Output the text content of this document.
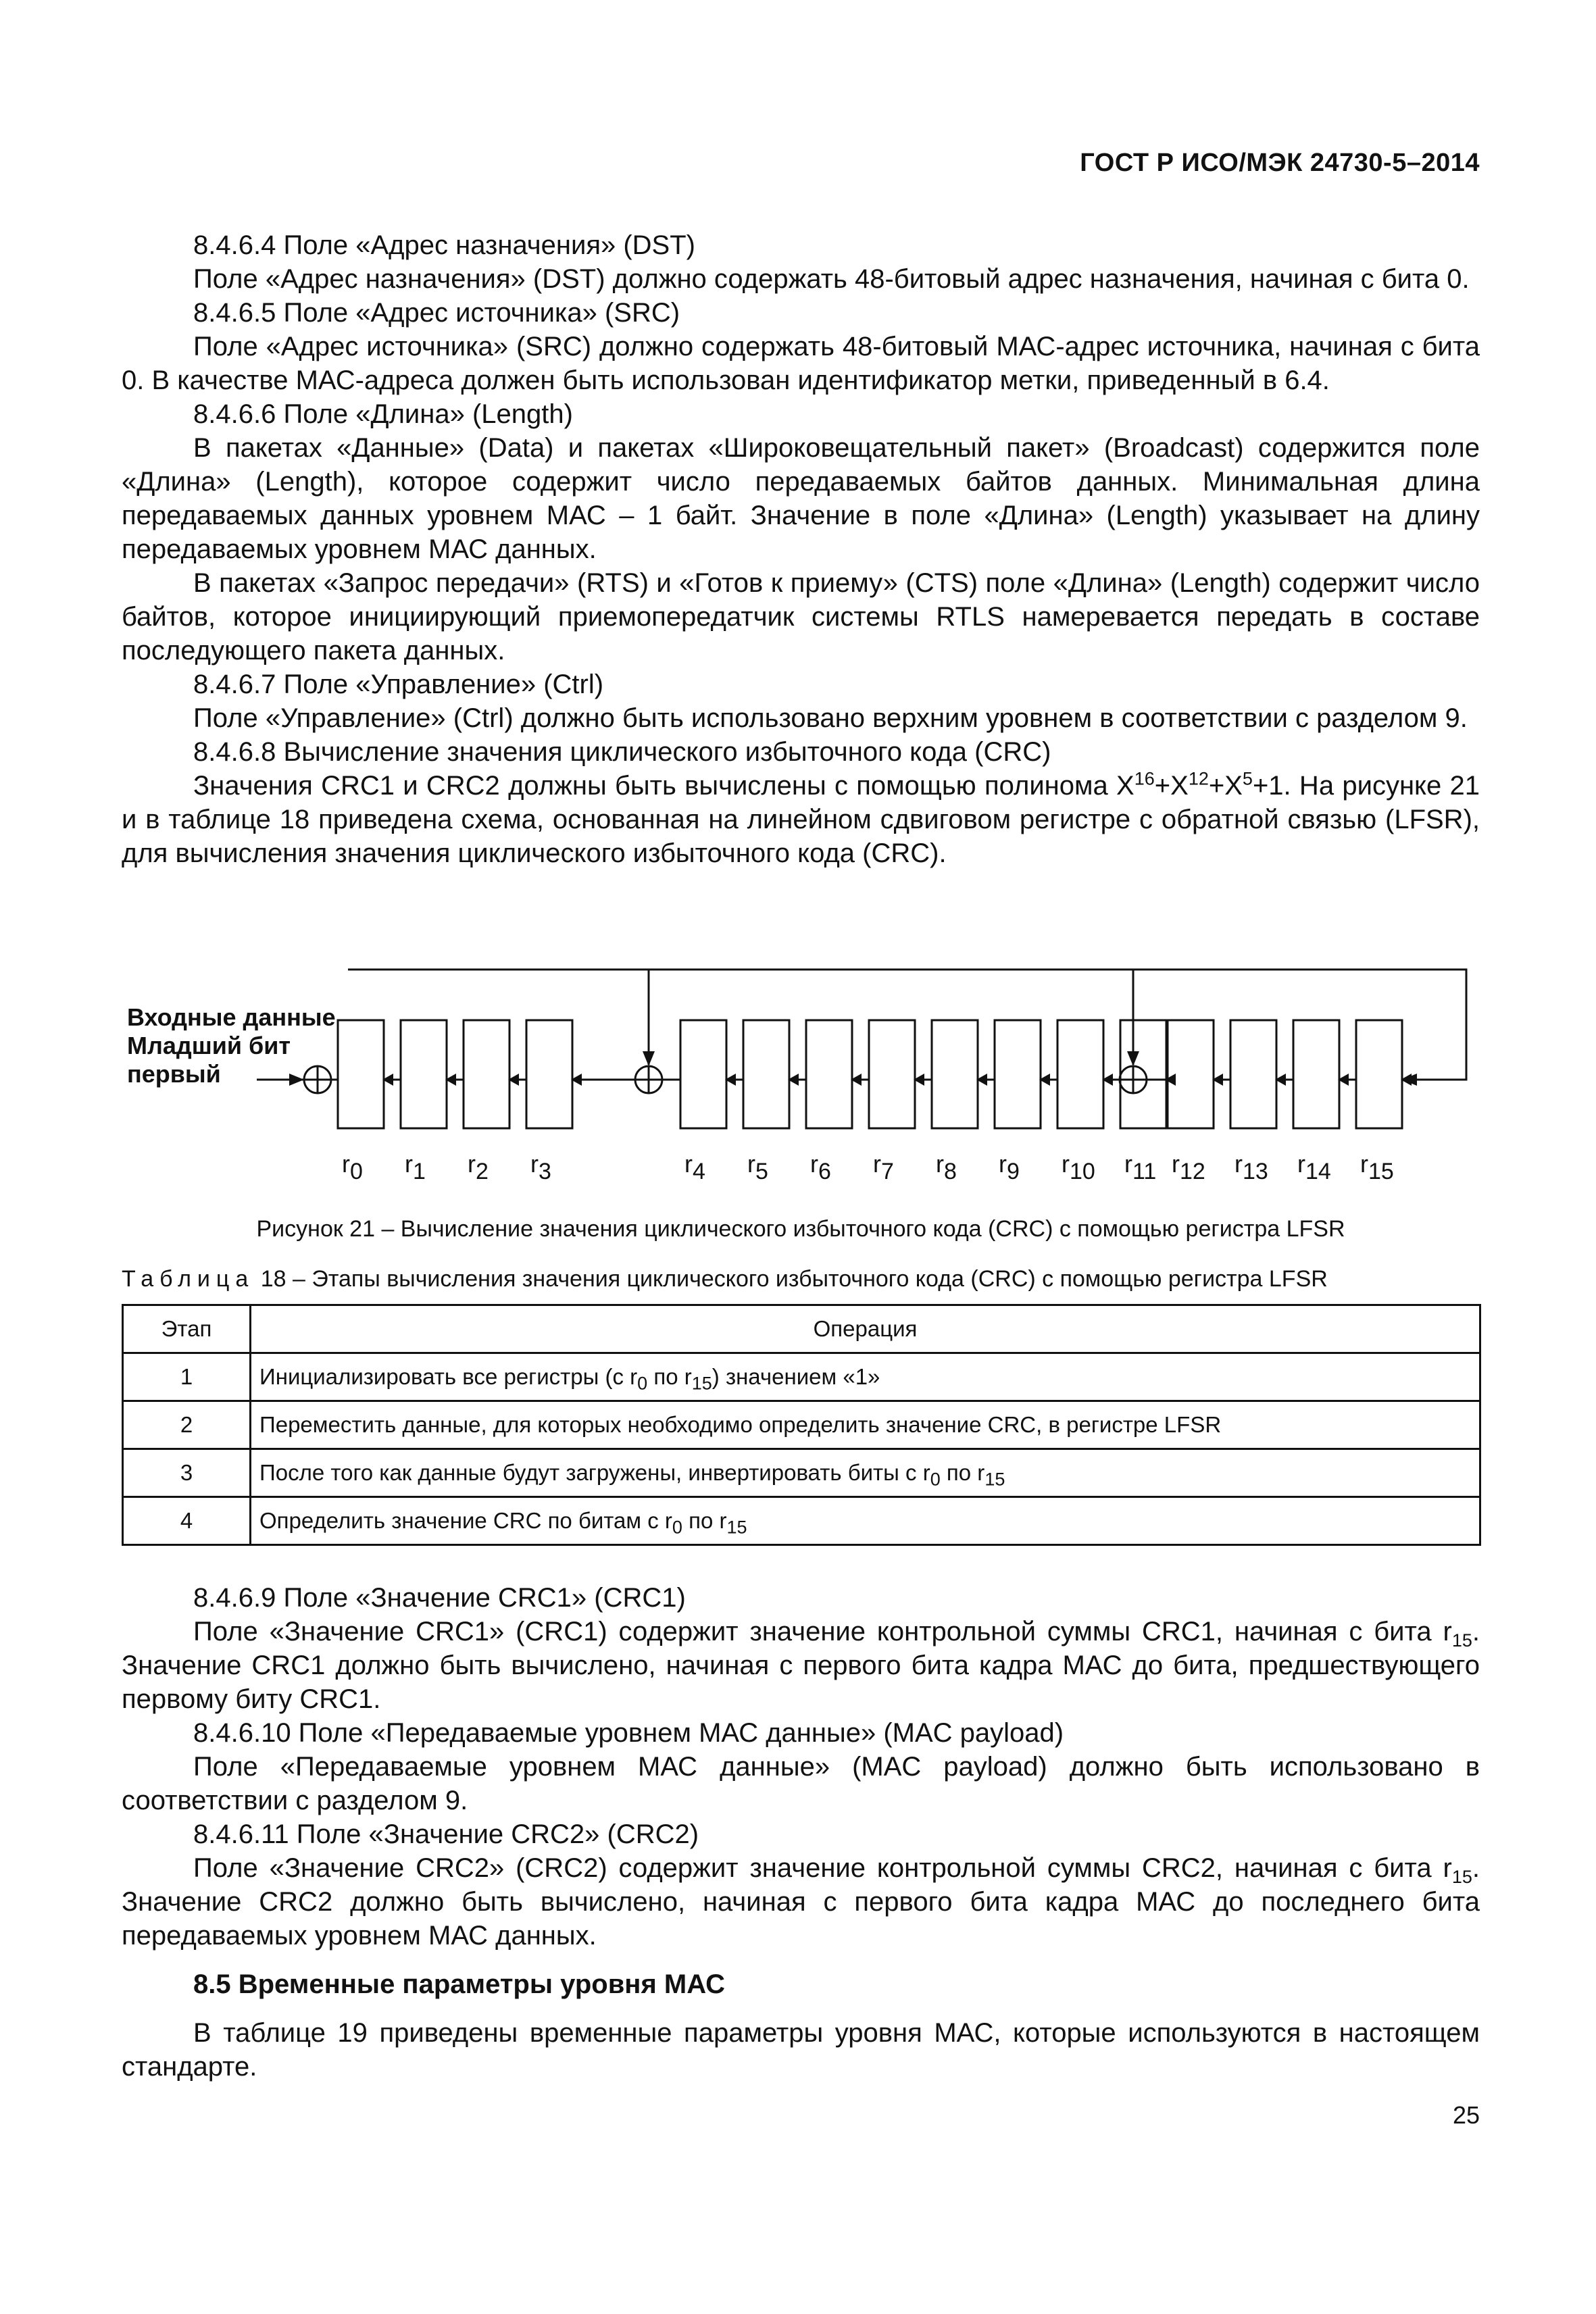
ГОСТ Р ИСО/МЭК 24730-5–2014

8.4.6.4 Поле «Адрес назначения» (DST)

Поле «Адрес назначения» (DST) должно содержать 48-битовый адрес назначения, начиная с бита 0.

8.4.6.5 Поле «Адрес источника» (SRC)

Поле «Адрес источника» (SRC) должно содержать 48-битовый МАС-адрес источника, начиная с бита 0. В качестве МАС-адреса должен быть использован идентификатор метки, приведенный в 6.4.

8.4.6.6 Поле «Длина» (Length)

В пакетах «Данные» (Data) и пакетах «Широковещательный пакет» (Broadcast) содержится поле «Длина» (Length), которое содержит число передаваемых байтов данных. Минимальная длина передаваемых данных уровнем МАС – 1 байт. Значение в поле «Длина» (Length) указывает на длину передаваемых уровнем МАС данных.

В пакетах «Запрос передачи» (RTS) и «Готов к приему» (CTS) поле «Длина» (Length) содержит число байтов, которое инициирующий приемопередатчик системы RTLS намеревается передать в составе последующего пакета данных.

8.4.6.7 Поле «Управление» (Ctrl)

Поле «Управление» (Ctrl) должно быть использовано верхним уровнем в соответствии с разделом 9.

8.4.6.8 Вычисление значения циклического избыточного кода (CRC)

Значения CRC1 и CRC2 должны быть вычислены с помощью полинома $X^{16}+X^{12}+X^5+1$. На рисунке 21 и в таблице 18 приведена схема, основанная на линейном сдвиговом регистре с обратной связью (LFSR), для вычисления значения циклического избыточного кода (CRC).

Входные данные
Младший бит
первый
r0 r1 r2 r3	r4 r5 r6 r7 r8 r9 r10 r11 r12 r13 r14 r15
Рисунок 21 – Вычисление значения циклического избыточного кода (CRC) с помощью регистра LFSR
Таблица 18 – Этапы вычисления значения циклического избыточного кода (CRC) с помощью регистра LFSR
Этап	Операция
1	Инициализировать все регистры (с $r_0$ по $r_{15}$) значением «1»
2	Переместить данные, для которых необходимо определить значение CRC, в регистре LFSR
3	После того как данные будут загружены, инвертировать биты с $r_0$ по $r_{15}$
4	Определить значение CRC по битам с $r_0$ по $r_{15}$

8.4.6.9 Поле «Значение CRC1» (CRC1)

Поле «Значение CRC1» (CRC1) содержит значение контрольной суммы CRC1, начиная с бита $r_{15}$. Значение CRC1 должно быть вычислено, начиная с первого бита кадра МАС до бита, предшествующего первому биту CRC1.

8.4.6.10 Поле «Передаваемые уровнем МАС данные» (MAC payload)

Поле «Передаваемые уровнем МАС данные» (MAC payload) должно быть использовано в соответствии с разделом 9.

8.4.6.11 Поле «Значение CRC2» (CRC2)

Поле «Значение CRC2» (CRC2) содержит значение контрольной суммы CRC2, начиная с бита $r_{15}$. Значение CRC2 должно быть вычислено, начиная с первого бита кадра МАС до последнего бита передаваемых уровнем МАС данных.

8.5 Временные параметры уровня МАС

В таблице 19 приведены временные параметры уровня МАС, которые используются в настоящем стандарте.

25
